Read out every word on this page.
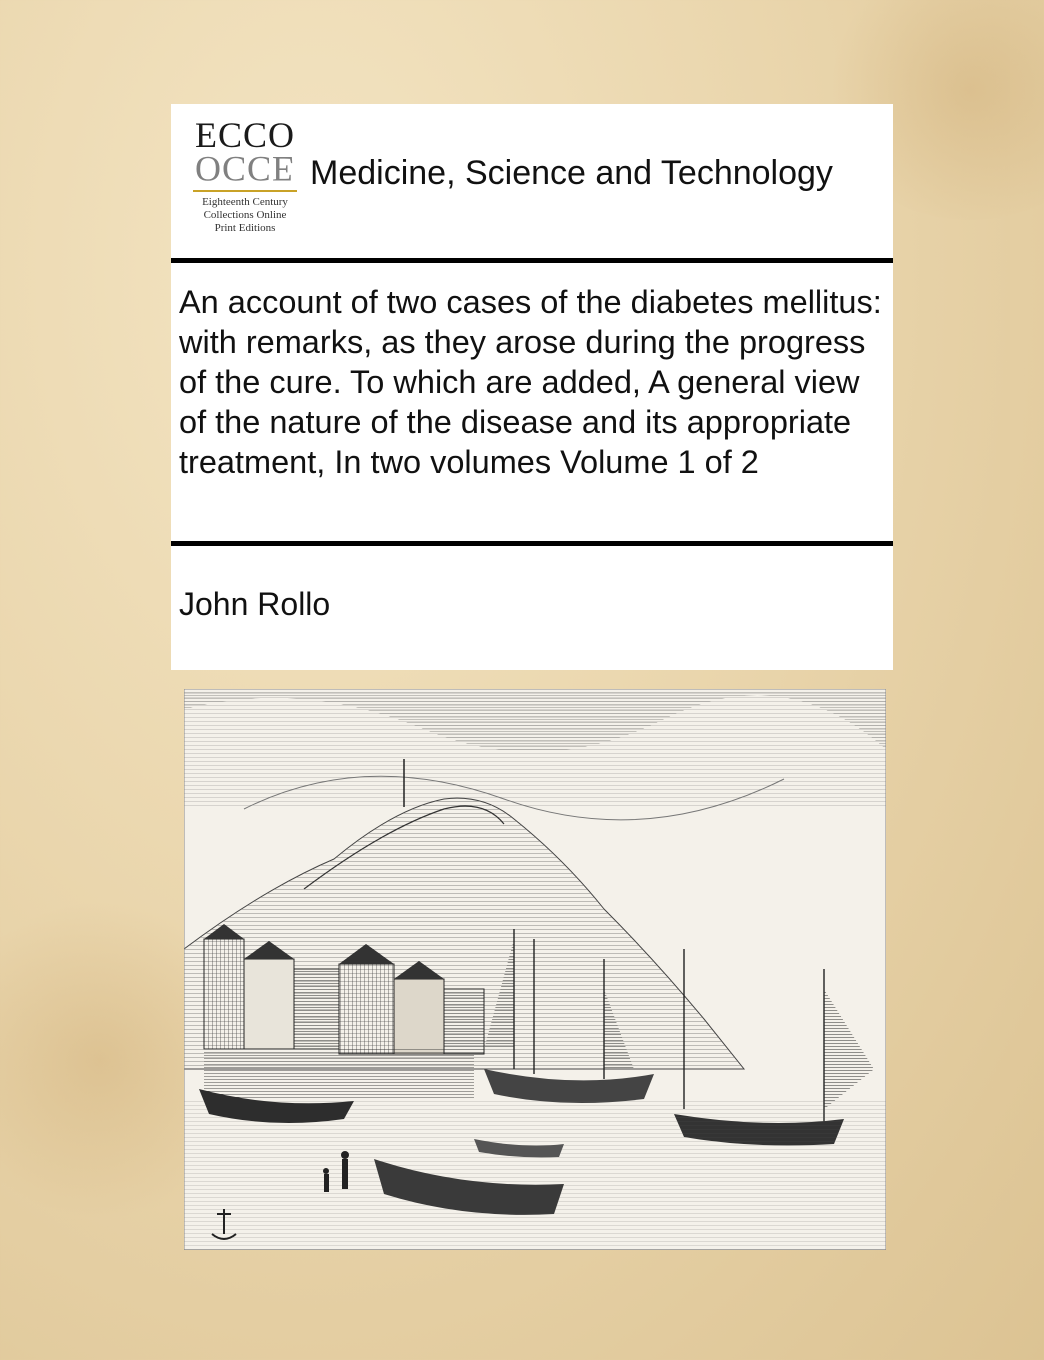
ECCO
OCCE
Eighteenth Century
Collections Online
Print Editions
Medicine, Science and Technology
An account of two cases of the diabetes mellitus: with remarks, as they arose during the progress of the cure. To which are added, A general view of the nature of the disease and its appropriate treatment, In two volumes Volume 1 of 2
John Rollo
